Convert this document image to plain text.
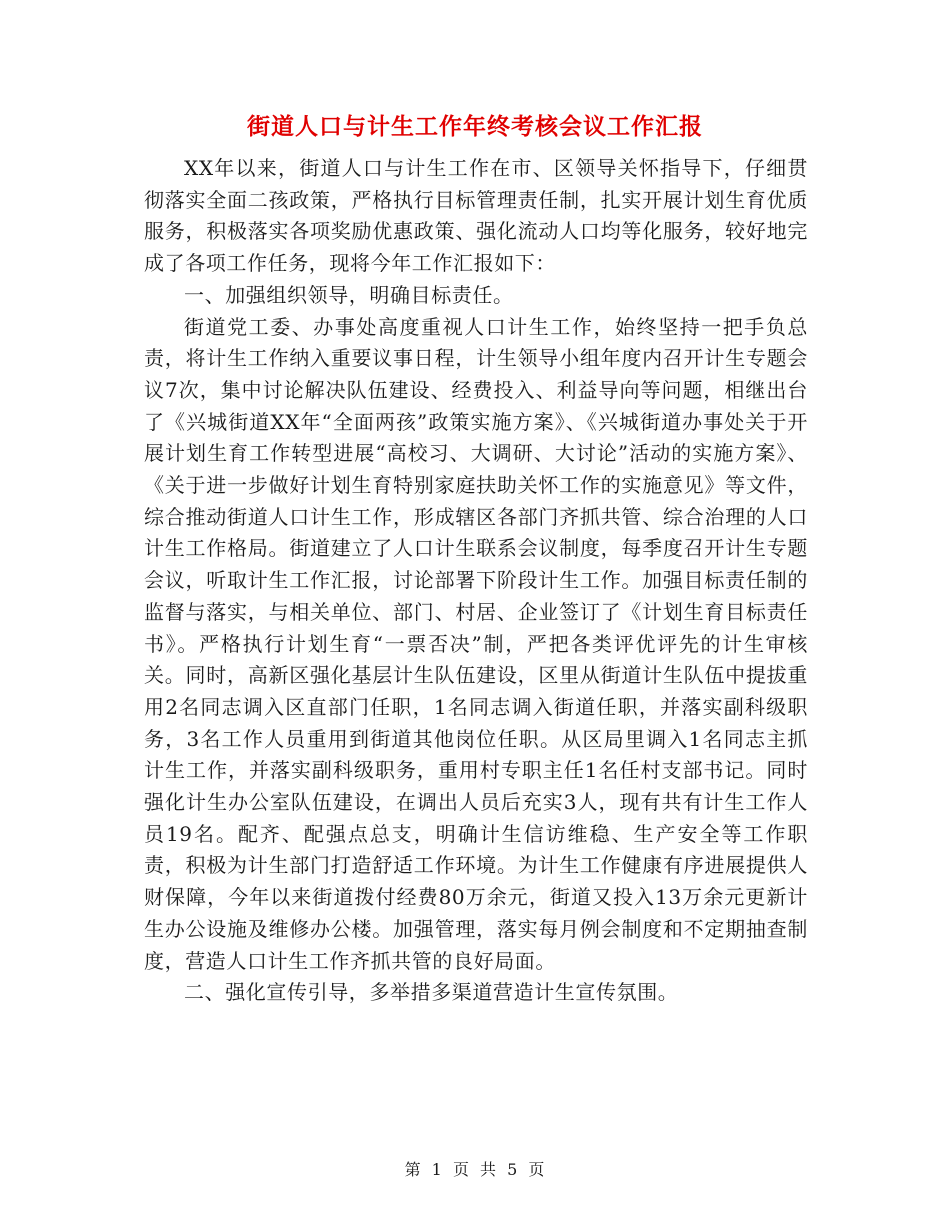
街道人口与计生工作年终考核会议工作汇报

XX年以来，街道人口与计生工作在市、区领导关怀指导下，仔细贯彻落实全面二孩政策，严格执行目标管理责任制，扎实开展计划生育优质服务，积极落实各项奖励优惠政策、强化流动人口均等化服务，较好地完成了各项工作任务，现将今年工作汇报如下：

一、加强组织领导，明确目标责任。

街道党工委、办事处高度重视人口计生工作，始终坚持一把手负总责，将计生工作纳入重要议事日程，计生领导小组年度内召开计生专题会议7次，集中讨论解决队伍建设、经费投入、利益导向等问题，相继出台了《兴城街道XX年“全面两孩”政策实施方案》、《兴城街道办事处关于开展计划生育工作转型进展“高校习、大调研、大讨论”活动的实施方案》、《关于进一步做好计划生育特别家庭扶助关怀工作的实施意见》等文件，综合推动街道人口计生工作，形成辖区各部门齐抓共管、综合治理的人口计生工作格局。街道建立了人口计生联系会议制度，每季度召开计生专题会议，听取计生工作汇报，讨论部署下阶段计生工作。加强目标责任制的监督与落实，与相关单位、部门、村居、企业签订了《计划生育目标责任书》。严格执行计划生育“一票否决”制，严把各类评优评先的计生审核关。同时，高新区强化基层计生队伍建设，区里从街道计生队伍中提拔重用2名同志调入区直部门任职，1名同志调入街道任职，并落实副科级职务，3名工作人员重用到街道其他岗位任职。从区局里调入1名同志主抓计生工作，并落实副科级职务，重用村专职主任1名任村支部书记。同时强化计生办公室队伍建设，在调出人员后充实3人，现有共有计生工作人员19名。配齐、配强点总支，明确计生信访维稳、生产安全等工作职责，积极为计生部门打造舒适工作环境。为计生工作健康有序进展提供人财保障，今年以来街道拨付经费80万余元，街道又投入13万余元更新计生办公设施及维修办公楼。加强管理，落实每月例会制度和不定期抽查制度，营造人口计生工作齐抓共管的良好局面。

二、强化宣传引导，多举措多渠道营造计生宣传氛围。

第 1 页 共 5 页
